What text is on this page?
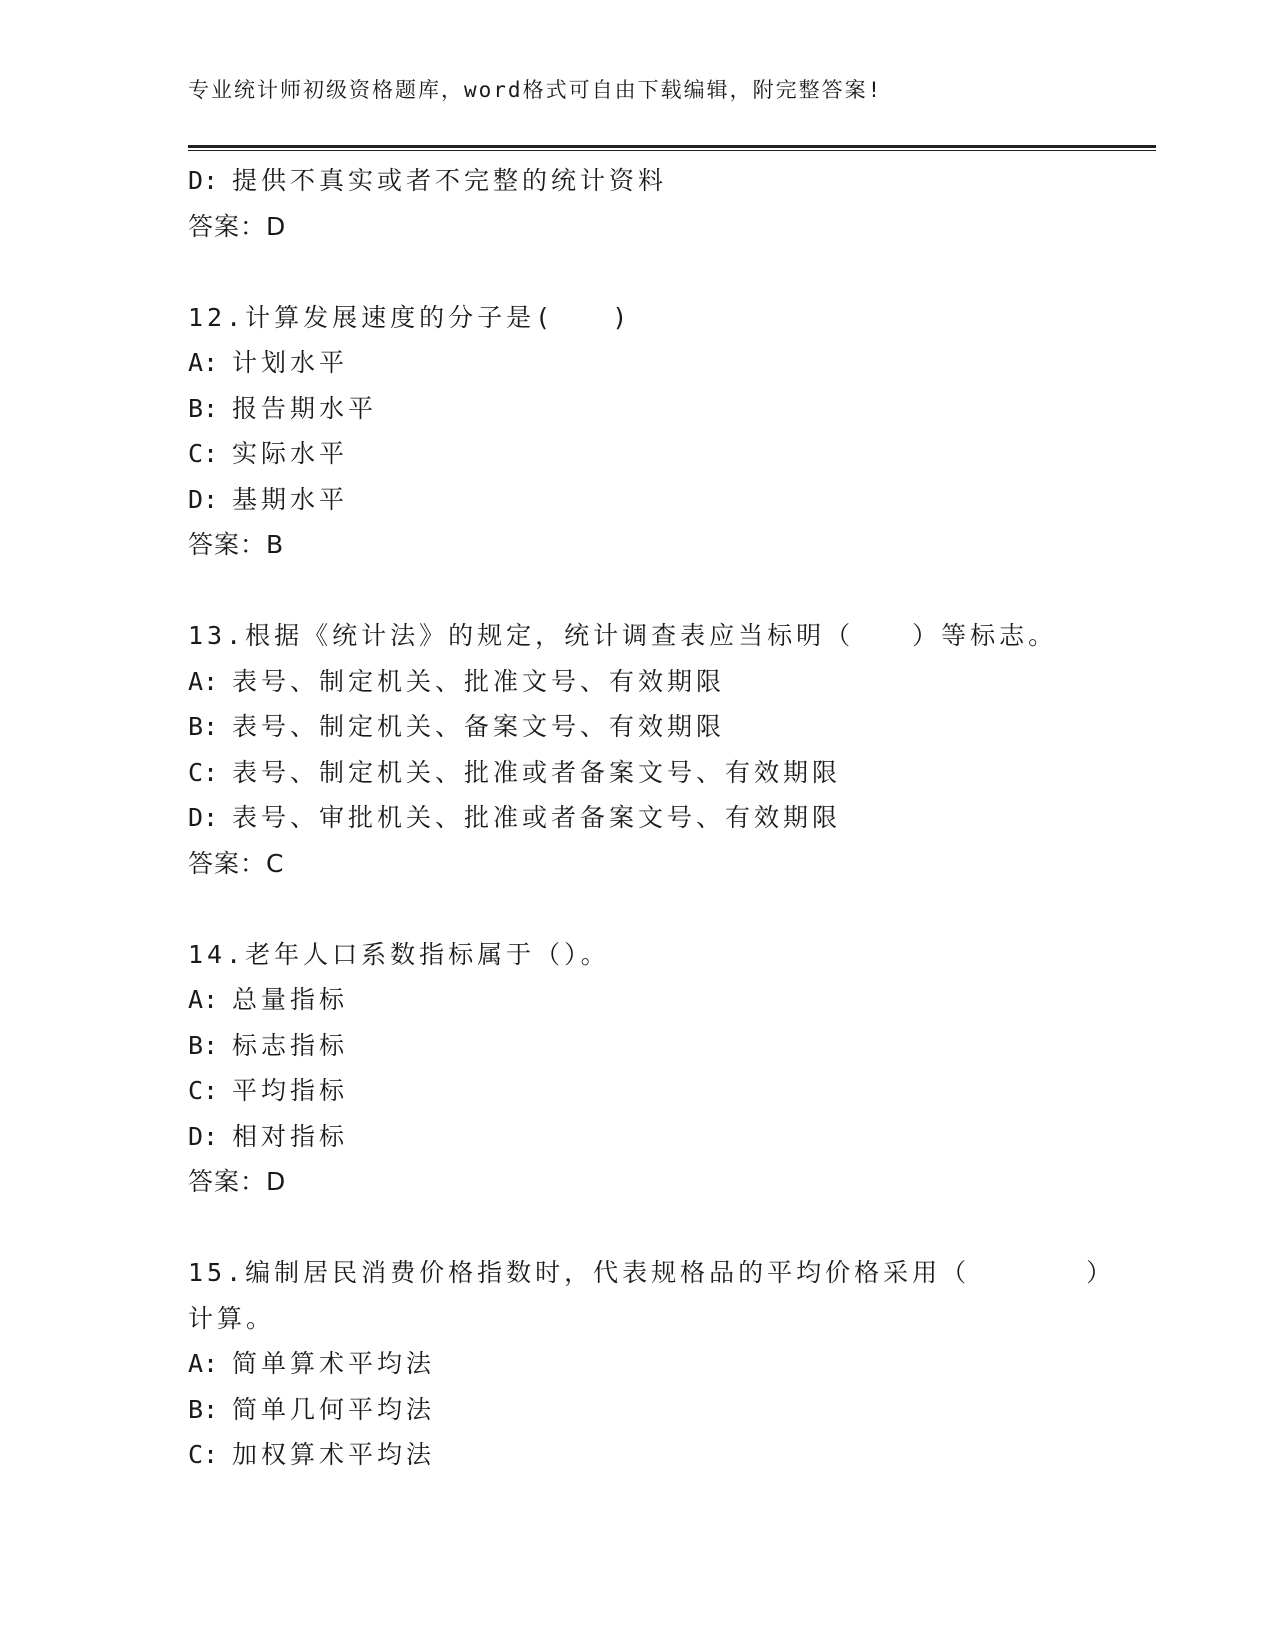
专业统计师初级资格题库，word格式可自由下载编辑，附完整答案!
D: 提供不真实或者不完整的统计资料
答案：D
12.计算发展速度的分子是(　　)
A: 计划水平
B: 报告期水平
C: 实际水平
D: 基期水平
答案：B
13.根据《统计法》的规定，统计调查表应当标明（　　）等标志。
A: 表号、制定机关、批准文号、有效期限
B: 表号、制定机关、备案文号、有效期限
C: 表号、制定机关、批准或者备案文号、有效期限
D: 表号、审批机关、批准或者备案文号、有效期限
答案：C
14.老年人口系数指标属于（）。
A: 总量指标
B: 标志指标
C: 平均指标
D: 相对指标
答案：D
15.编制居民消费价格指数时，代表规格品的平均价格采用（　　　　）
计算。
A: 简单算术平均法
B: 简单几何平均法
C: 加权算术平均法
